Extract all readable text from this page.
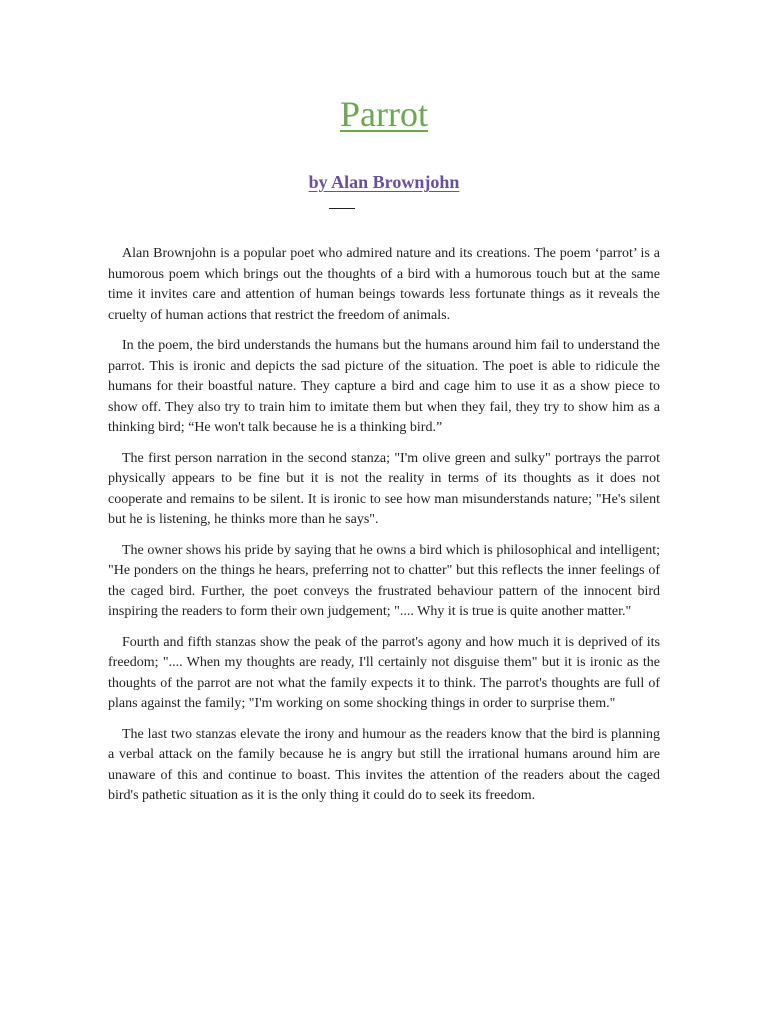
Parrot

by Alan Brownjohn

Alan Brownjohn is a popular poet who admired nature and its creations. The poem ‘parrot’ is a humorous poem which brings out the thoughts of a bird with a humorous touch but at the same time it invites care and attention of human beings towards less fortunate things as it reveals the cruelty of human actions that restrict the freedom of animals.

In the poem, the bird understands the humans but the humans around him fail to understand the parrot. This is ironic and depicts the sad picture of the situation. The poet is able to ridicule the humans for their boastful nature. They capture a bird and cage him to use it as a show piece to show off. They also try to train him to imitate them but when they fail, they try to show him as a thinking bird; “He won't talk because he is a thinking bird.”

The first person narration in the second stanza; "I'm olive green and sulky" portrays the parrot physically appears to be fine but it is not the reality in terms of its thoughts as it does not cooperate and remains to be silent. It is ironic to see how man misunderstands nature; "He's silent but he is listening, he thinks more than he says".

The owner shows his pride by saying that he owns a bird which is philosophical and intelligent; "He ponders on the things he hears, preferring not to chatter" but this reflects the inner feelings of the caged bird. Further, the poet conveys the frustrated behaviour pattern of the innocent bird inspiring the readers to form their own judgement; ".... Why it is true is quite another matter."

Fourth and fifth stanzas show the peak of the parrot's agony and how much it is deprived of its freedom; ".... When my thoughts are ready, I'll certainly not disguise them" but it is ironic as the thoughts of the parrot are not what the family expects it to think. The parrot's thoughts are full of plans against the family; "I'm working on some shocking things in order to surprise them."

The last two stanzas elevate the irony and humour as the readers know that the bird is planning a verbal attack on the family because he is angry but still the irrational humans around him are unaware of this and continue to boast. This invites the attention of the readers about the caged bird's pathetic situation as it is the only thing it could do to seek its freedom.
